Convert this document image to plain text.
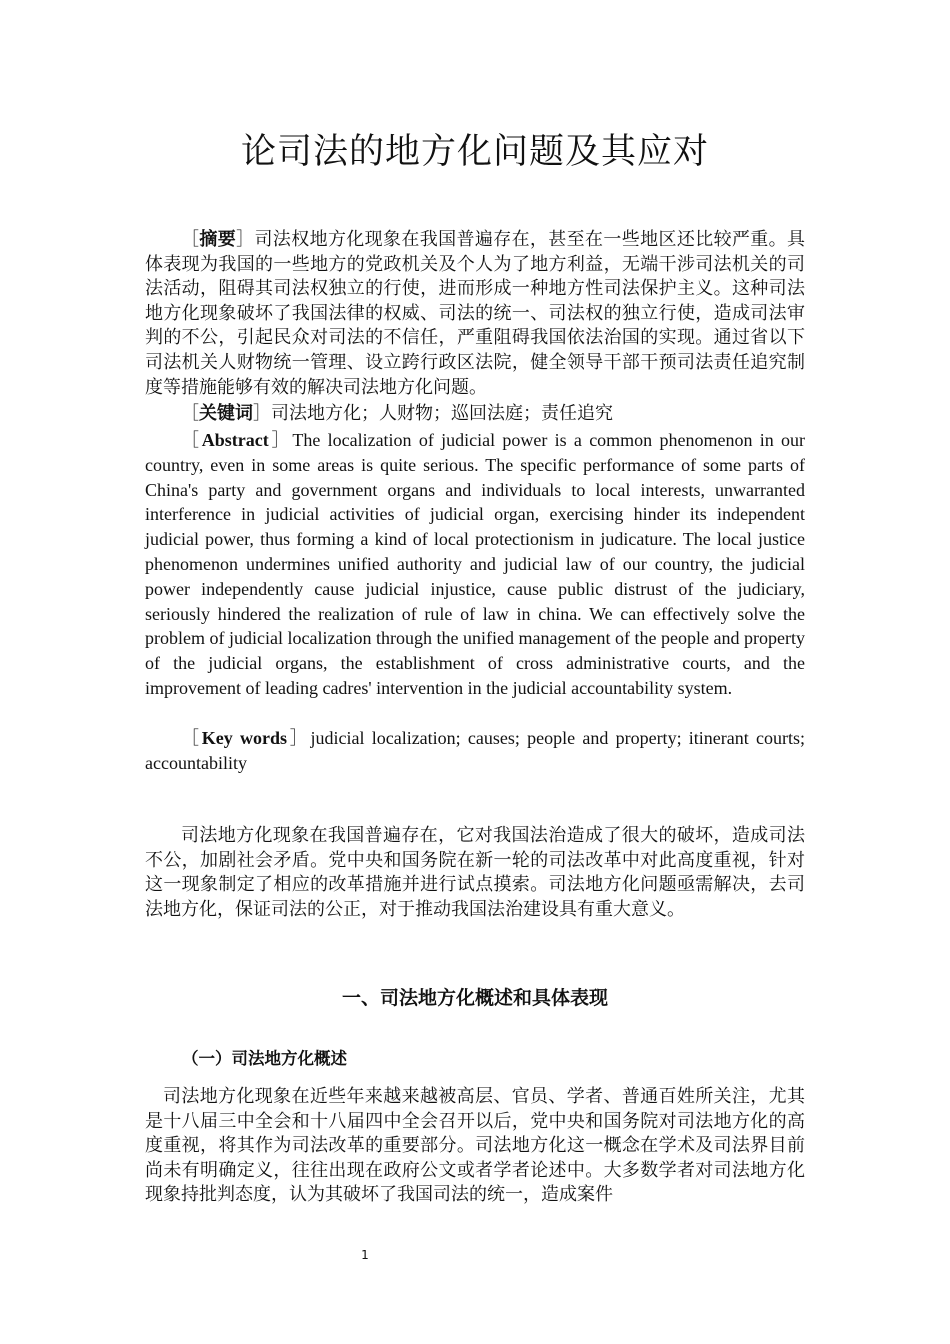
论司法的地方化问题及其应对
［摘要］司法权地方化现象在我国普遍存在，甚至在一些地区还比较严重。具体表现为我国的一些地方的党政机关及个人为了地方利益，无端干涉司法机关的司法活动，阻碍其司法权独立的行使，进而形成一种地方性司法保护主义。这种司法地方化现象破坏了我国法律的权威、司法的统一、司法权的独立行使，造成司法审判的不公，引起民众对司法的不信任，严重阻碍我国依法治国的实现。通过省以下司法机关人财物统一管理、设立跨行政区法院，健全领导干部干预司法责任追究制度等措施能够有效的解决司法地方化问题。
［关键词］司法地方化；人财物；巡回法庭；责任追究
［Abstract］The localization of judicial power is a common phenomenon in our country, even in some areas is quite serious. The specific performance of some parts of China's party and government organs and individuals to local interests, unwarranted interference in judicial activities of judicial organ, exercising hinder its independent judicial power, thus forming a kind of local protectionism in judicature. The local justice phenomenon undermines unified authority and judicial law of our country, the judicial power independently cause judicial injustice, cause public distrust of the judiciary, seriously hindered the realization of rule of law in china. We can effectively solve the problem of judicial localization through the unified management of the people and property of the judicial organs, the establishment of cross administrative courts, and the improvement of leading cadres' intervention in the judicial accountability system.
［Key words］judicial localization; causes; people and property; itinerant courts; accountability

司法地方化现象在我国普遍存在，它对我国法治造成了很大的破坏，造成司法不公，加剧社会矛盾。党中央和国务院在新一轮的司法改革中对此高度重视，针对这一现象制定了相应的改革措施并进行试点摸索。司法地方化问题亟需解决，去司法地方化，保证司法的公正，对于推动我国法治建设具有重大意义。

一、司法地方化概述和具体表现
（一）司法地方化概述

司法地方化现象在近些年来越来越被高层、官员、学者、普通百姓所关注，尤其是十八届三中全会和十八届四中全会召开以后，党中央和国务院对司法地方化的高度重视，将其作为司法改革的重要部分。司法地方化这一概念在学术及司法界目前尚未有明确定义，往往出现在政府公文或者学者论述中。大多数学者对司法地方化现象持批判态度，认为其破坏了我国司法的统一，造成案件

1
